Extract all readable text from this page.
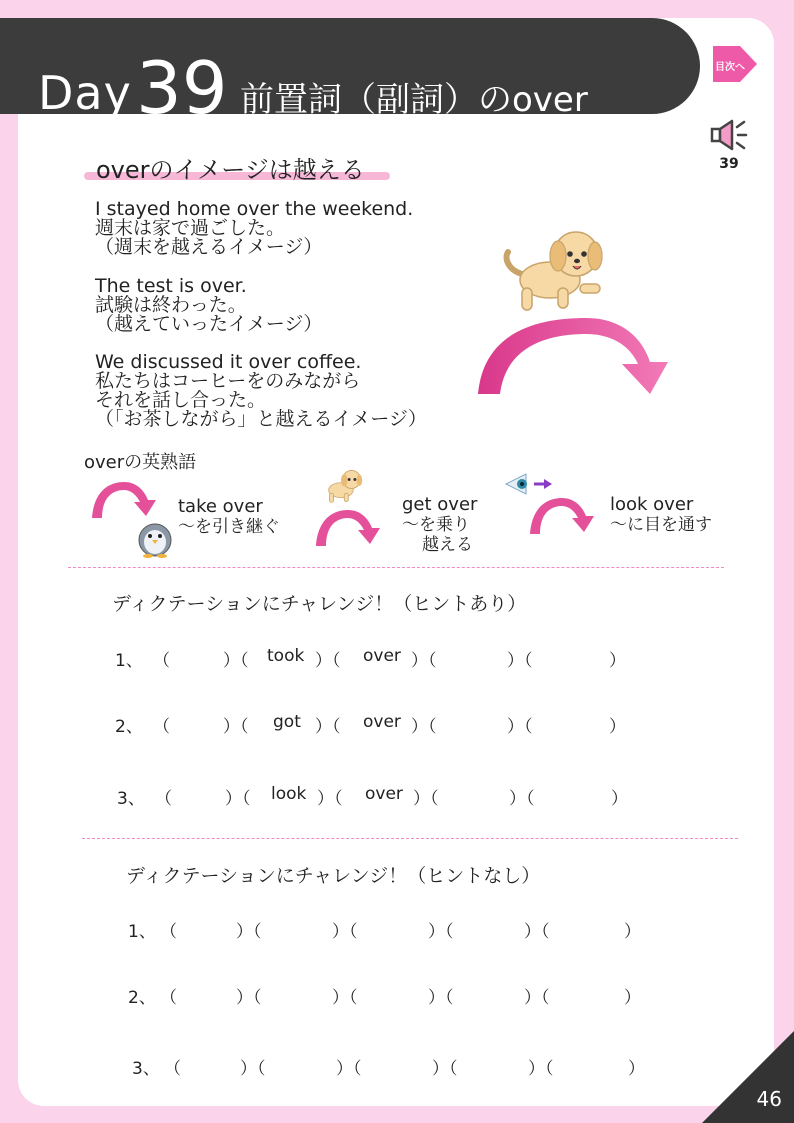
Day 39 前置詞（副詞）のover
目次へ
39
overのイメージは越える
I stayed home over the weekend.
週末は家で過ごした。
（週末を越えるイメージ）
The test is over.
試験は終わった。
（越えていったイメージ）
We discussed it over coffee.
私たちはコーヒーをのみながら
それを話し合った。
（「お茶しながら」と越えるイメージ）
overの英熟語
take over
〜を引き継ぐ
get over
〜を乗り
越える
look over
〜に目を通す
ディクテーションにチャレンジ！（ヒントあり）
1、 （	）（ took ）（ over ）（	）（	）
2、 （	）（ got ）（ over ）（	）（	）
3、 （	）（ look ）（ over ）（	）（	）
ディクテーションにチャレンジ！（ヒントなし）
1、 （	）（	）（	）（	）（	）
2、 （	）（	）（	）（	）（	）
3、 （	）（	）（	）（	）（	）
46
